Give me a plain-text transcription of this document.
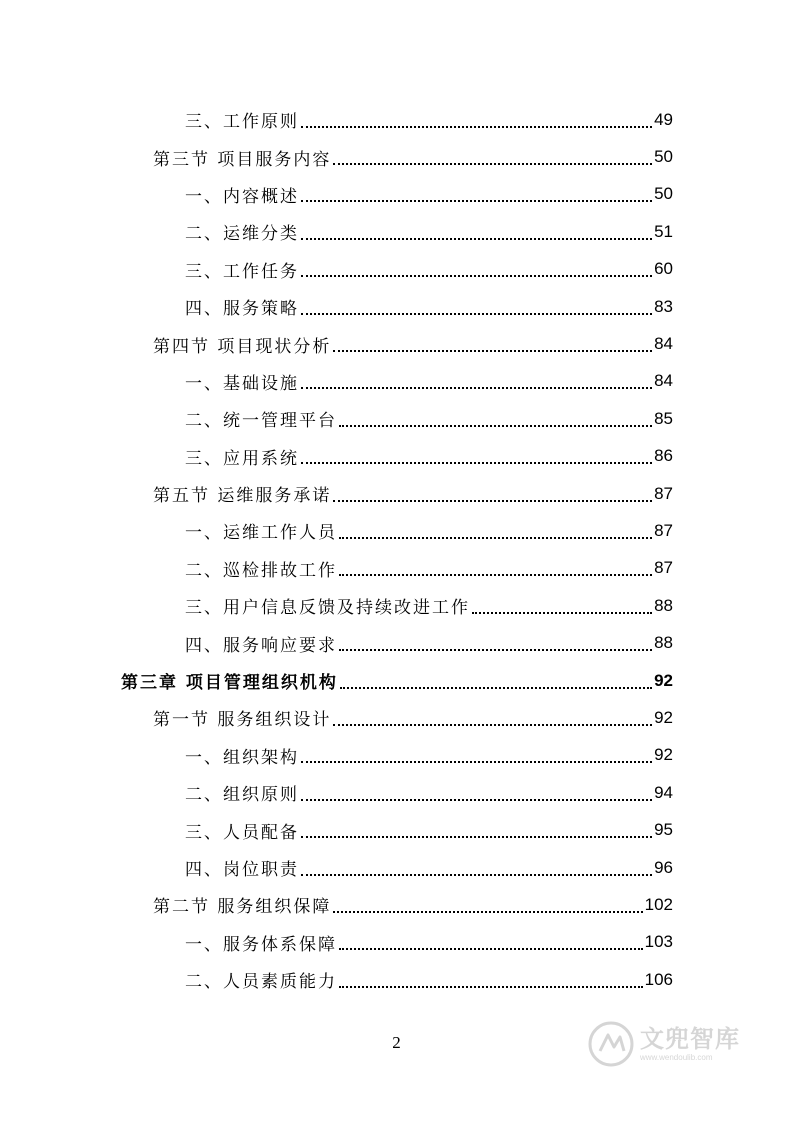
三、工作原则	49
第三节 项目服务内容	50
一、内容概述	50
二、运维分类	51
三、工作任务	60
四、服务策略	83
第四节 项目现状分析	84
一、基础设施	84
二、统一管理平台	85
三、应用系统	86
第五节 运维服务承诺	87
一、运维工作人员	87
二、巡检排故工作	87
三、用户信息反馈及持续改进工作	88
四、服务响应要求	88
第三章 项目管理组织机构	92
第一节 服务组织设计	92
一、组织架构	92
二、组织原则	94
三、人员配备	95
四、岗位职责	96
第二节 服务组织保障	102
一、服务体系保障	103
二、人员素质能力	106
2	文兜智库
www.wendoulib.com
